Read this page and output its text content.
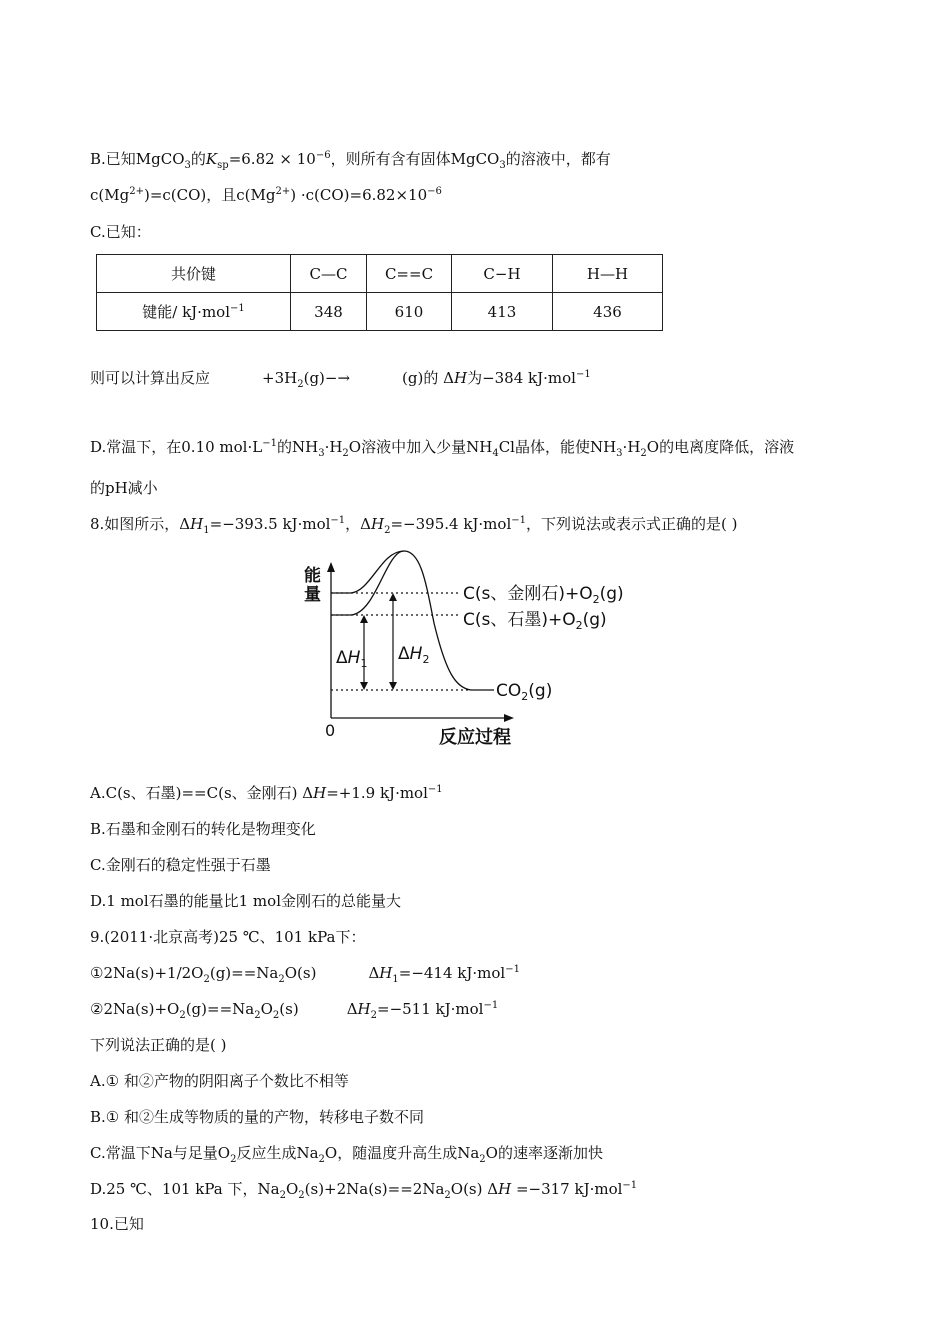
B.已知MgCO$_3$的$K_{sp}=6.82 \times 10^{-6}$，则所有含有固体MgCO$_3$的溶液中，都有
$c(Mg^{2+})=c(CO)$，且$c(Mg^{2+}) \cdot c(CO)=6.82\times 10^{-6}$
C.已知：
共价键	C—C	C==C	C−H	H—H
键能/ kJ·mol$^{-1}$	348	610	413	436
则可以计算出反应	$+3H_2(g)-\to$	(g)的 ΔH为−384 kJ·mol$^{-1}$
D.常温下，在0.10 $mol\cdot L^{-1}$的$NH_3\cdot H_2O$溶液中加入少量$NH_4Cl$晶体，能使$NH_3\cdot H_2O$的电离度降低，溶液
的pH减小
8.如图所示，$\Delta H_1=-393.5$ kJ·mol$^{-1}$，$\Delta H_2=-395.4$ kJ·mol$^{-1}$，下列说法或表示式正确的是( )
能
量
0	反应过程
C(s、金刚石)$+O_2(g)$
C(s、石墨)$+O_2(g)$
$CO_2(g)$
$\Delta H_1$ $\Delta H_2$
A.C(s、石墨)==C(s、金刚石) ΔH=+1.9 kJ·mol$^{-1}$
B.石墨和金刚石的转化是物理变化
C.金刚石的稳定性强于石墨
D.1 mol石墨的能量比1 mol金刚石的总能量大
9.(2011·北京高考)25 ℃、101 kPa下：
$①2Na(s)+1/2O_2(g)==Na_2O(s)$	$\Delta H_1=-414$ kJ·mol$^{-1}$
$②2Na(s)+O_2(g)==Na_2O_2(s)$	$\Delta H_2=-511$ kJ·mol$^{-1}$
下列说法正确的是( )
A.① 和②产物的阴阳离子个数比不相等
B.① 和②生成等物质的量的产物，转移电子数不同
C.常温下Na与足量$O_2$反应生成$Na_2O$，随温度升高生成$Na_2O$的速率逐渐加快
D.25 ℃、101 kPa 下，$Na_2O_2(s)+2Na(s)==2Na_2O(s)$ ΔH =−317 kJ·mol$^{-1}$
10.已知
